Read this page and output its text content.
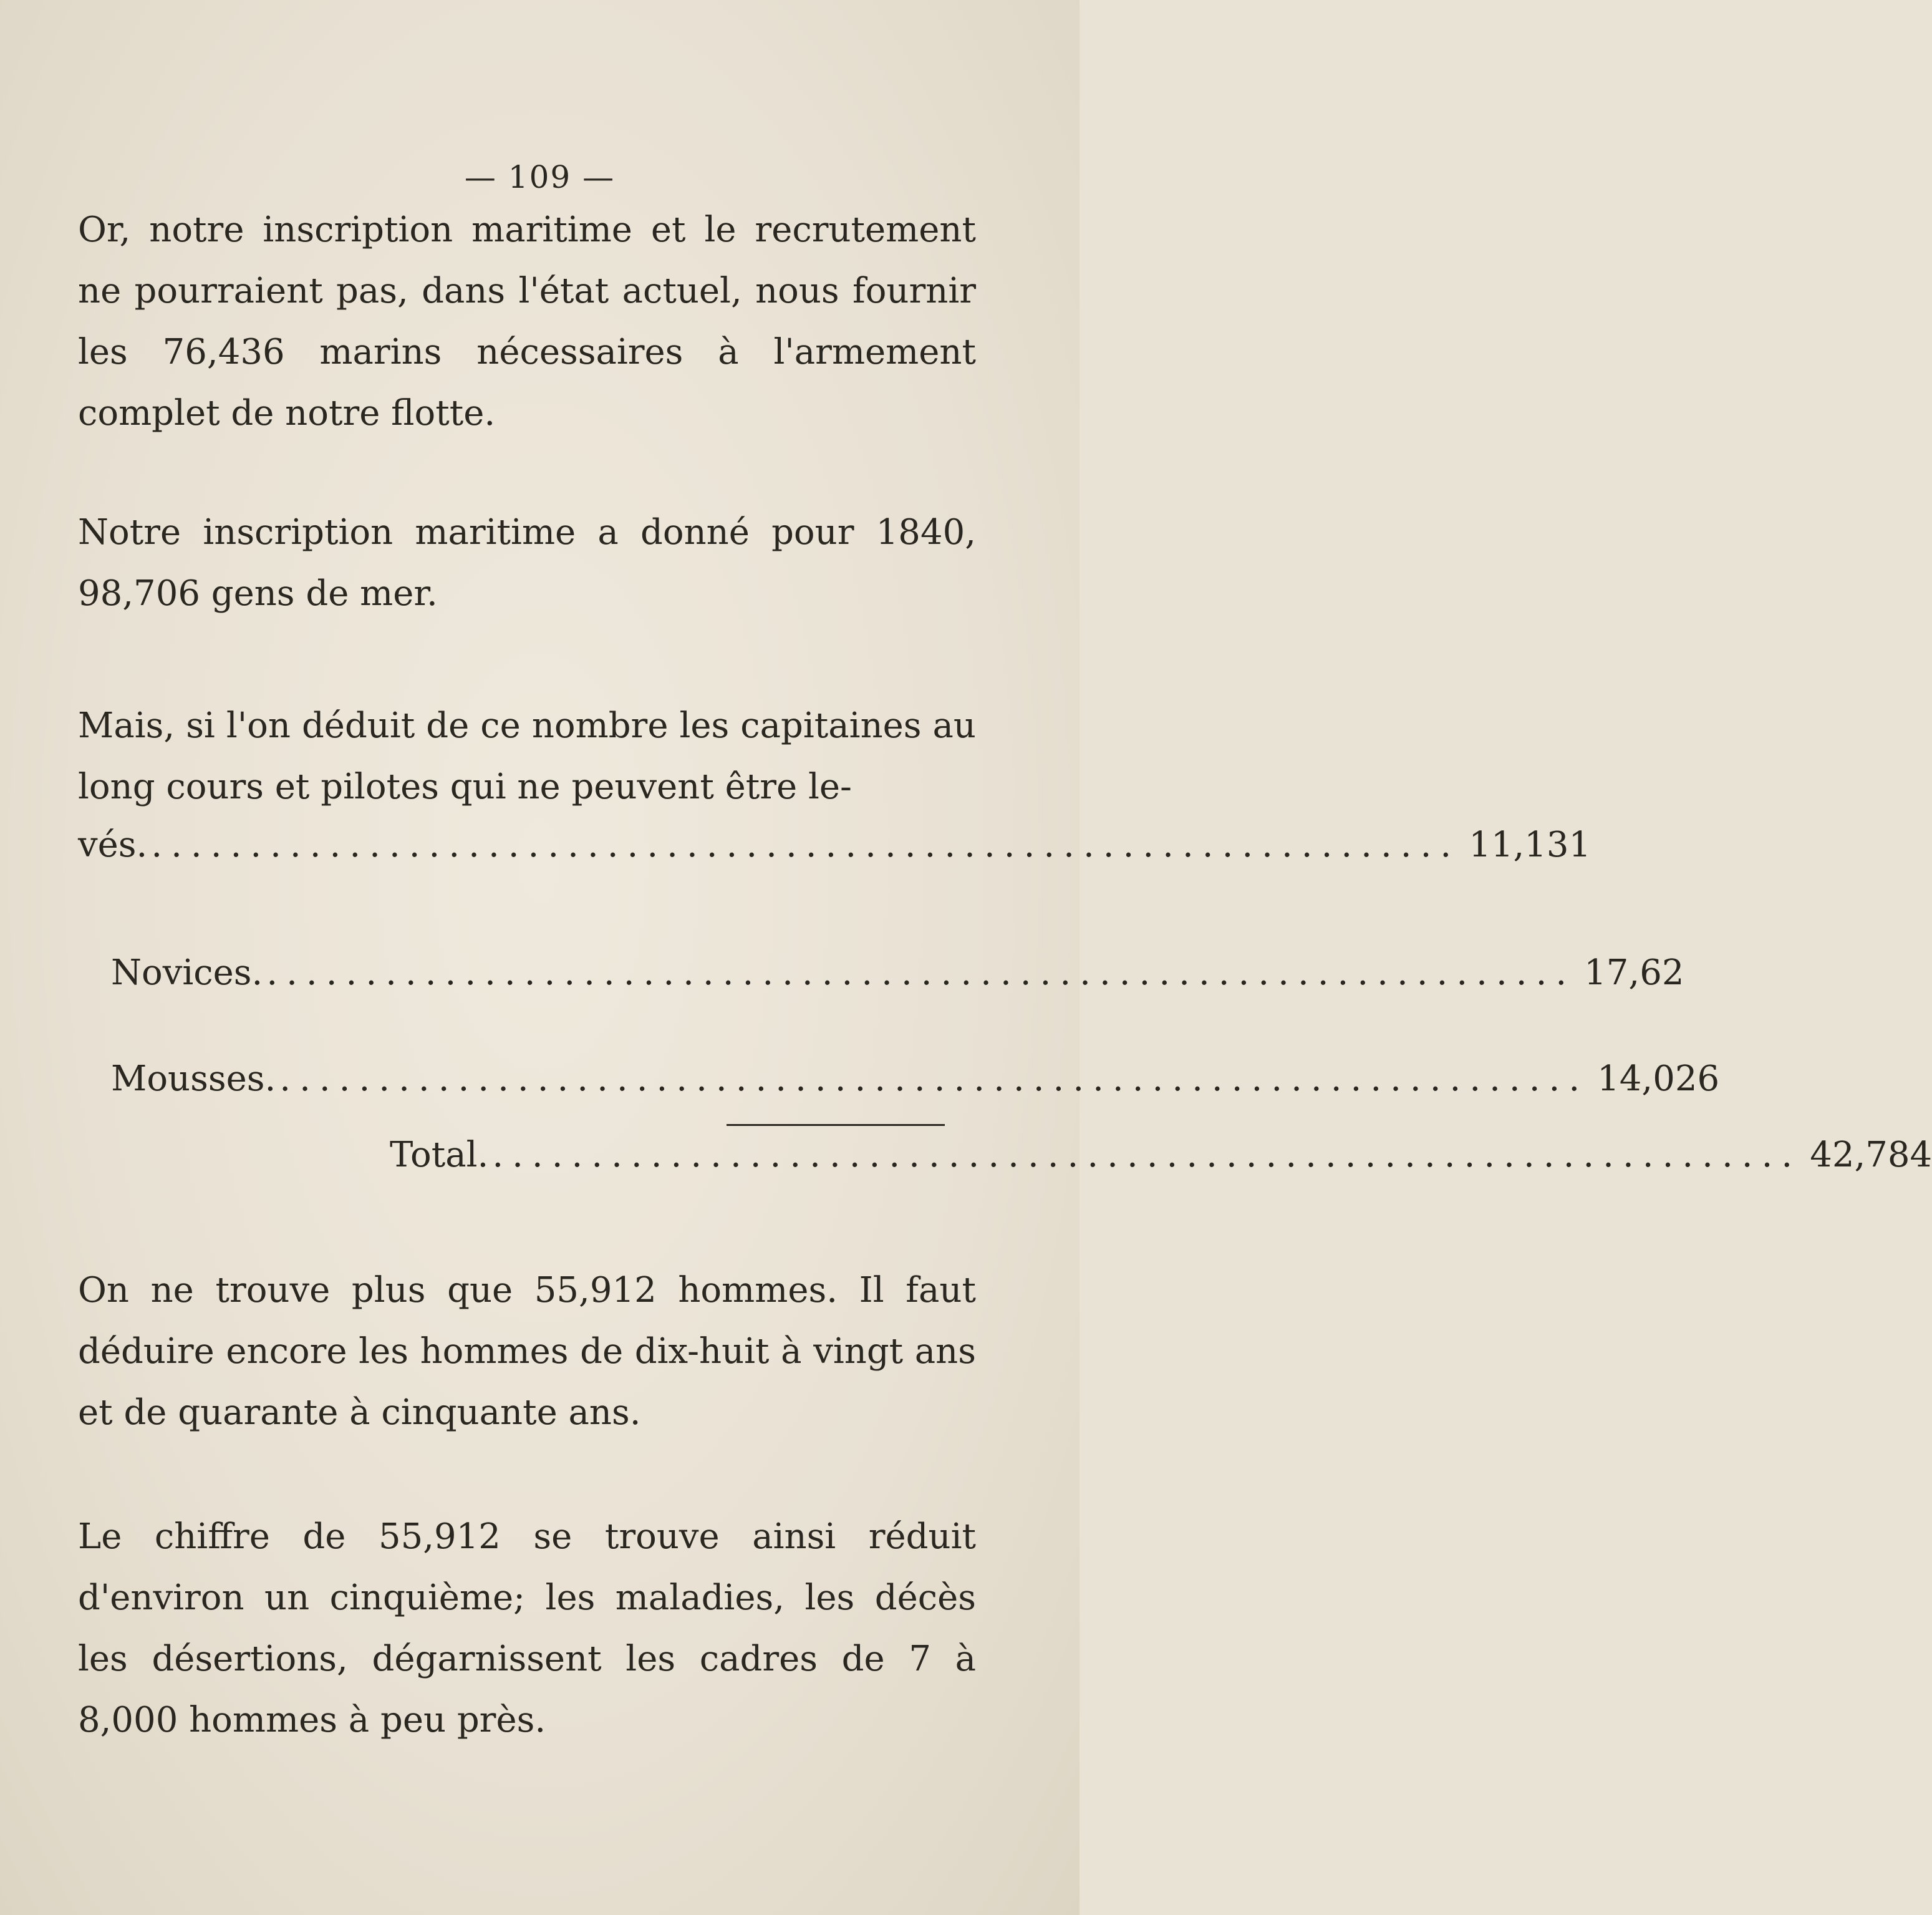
— 109 —

Or, notre inscription maritime et le recrutement ne pourraient pas, dans l'état actuel, nous fournir les 76,436 marins nécessaires à l'armement complet de notre flotte.

Notre inscription maritime a donné pour 1840, 98,706 gens de mer.

Mais, si l'on déduit de ce nombre les capitaines au long cours et pilotes qui ne peuvent être le-

vés. .................................................................. 11,131
Novices. .................................................................. 17,62
Mousses. .................................................................. 14,026
Total. .................................................................. 42,784

On ne trouve plus que 55,912 hommes. Il faut déduire encore les hommes de dix-huit à vingt ans et de quarante à cinquante ans.

Le chiffre de 55,912 se trouve ainsi réduit d'environ un cinquième; les maladies, les décès les désertions, dégarnissent les cadres de 7 à 8,000 hommes à peu près.
